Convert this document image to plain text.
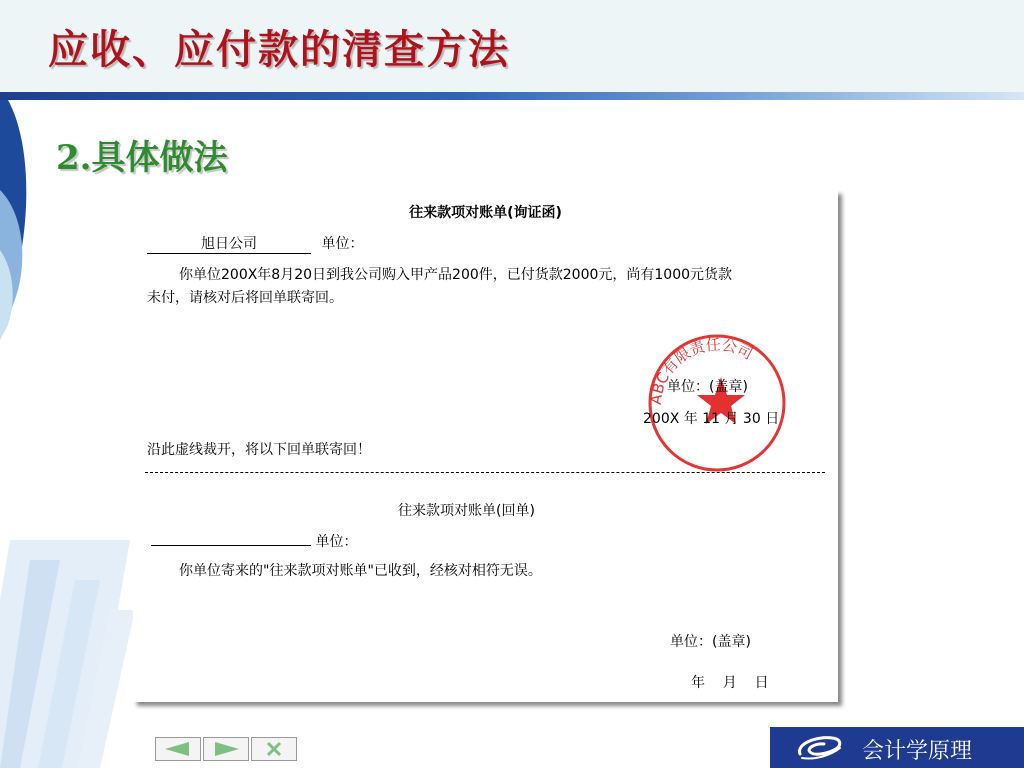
应收、应付款的清查方法
2.具体做法
往来款项对账单(询证函)
旭日公司	单位：
你单位200X年8月20日到我公司购入甲产品200件，已付货款2000元，尚有1000元货款
未付，请核对后将回单联寄回。
ABC有限责任公司
单位：(盖章)
200X 年 11 月 30 日
沿此虚线裁开，将以下回单联寄回！
往来款项对账单(回单)
单位：
你单位寄来的"往来款项对账单"已收到，经核对相符无误。
单位：(盖章)
年    月    日
会计学原理
